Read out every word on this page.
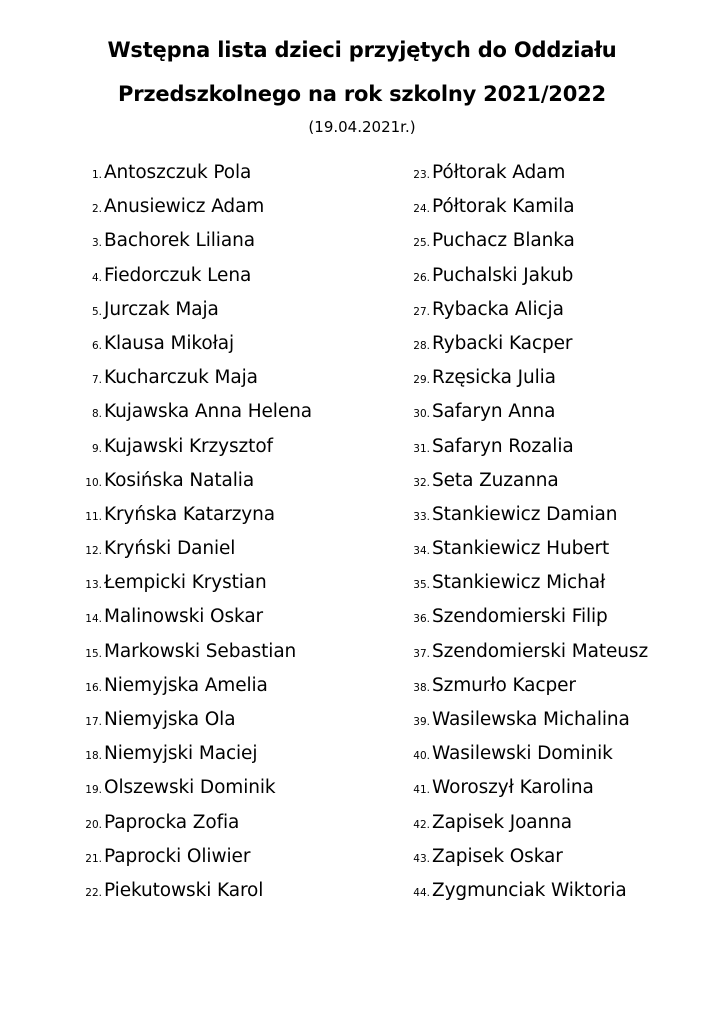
Wstępna lista dzieci przyjętych do Oddziału
Przedszkolnego na rok szkolny 2021/2022
(19.04.2021r.)
1. Antoszczuk Pola
2. Anusiewicz Adam
3. Bachorek Liliana
4. Fiedorczuk Lena
5. Jurczak Maja
6. Klausa Mikołaj
7. Kucharczuk Maja
8. Kujawska Anna Helena
9. Kujawski Krzysztof
10. Kosińska Natalia
11. Kryńska Katarzyna
12. Kryński Daniel
13. Łempicki Krystian
14. Malinowski Oskar
15. Markowski Sebastian
16. Niemyjska Amelia
17. Niemyjska Ola
18. Niemyjski Maciej
19. Olszewski Dominik
20. Paprocka Zofia
21. Paprocki Oliwier
22. Piekutowski Karol
23. Półtorak Adam
24. Półtorak Kamila
25. Puchacz Blanka
26. Puchalski Jakub
27. Rybacka Alicja
28. Rybacki Kacper
29. Rzęsicka Julia
30. Safaryn Anna
31. Safaryn Rozalia
32. Seta Zuzanna
33. Stankiewicz Damian
34. Stankiewicz Hubert
35. Stankiewicz Michał
36. Szendomierski Filip
37. Szendomierski Mateusz
38. Szmurło Kacper
39. Wasilewska Michalina
40. Wasilewski Dominik
41. Woroszył Karolina
42. Zapisek Joanna
43. Zapisek Oskar
44. Zygmunciak Wiktoria
